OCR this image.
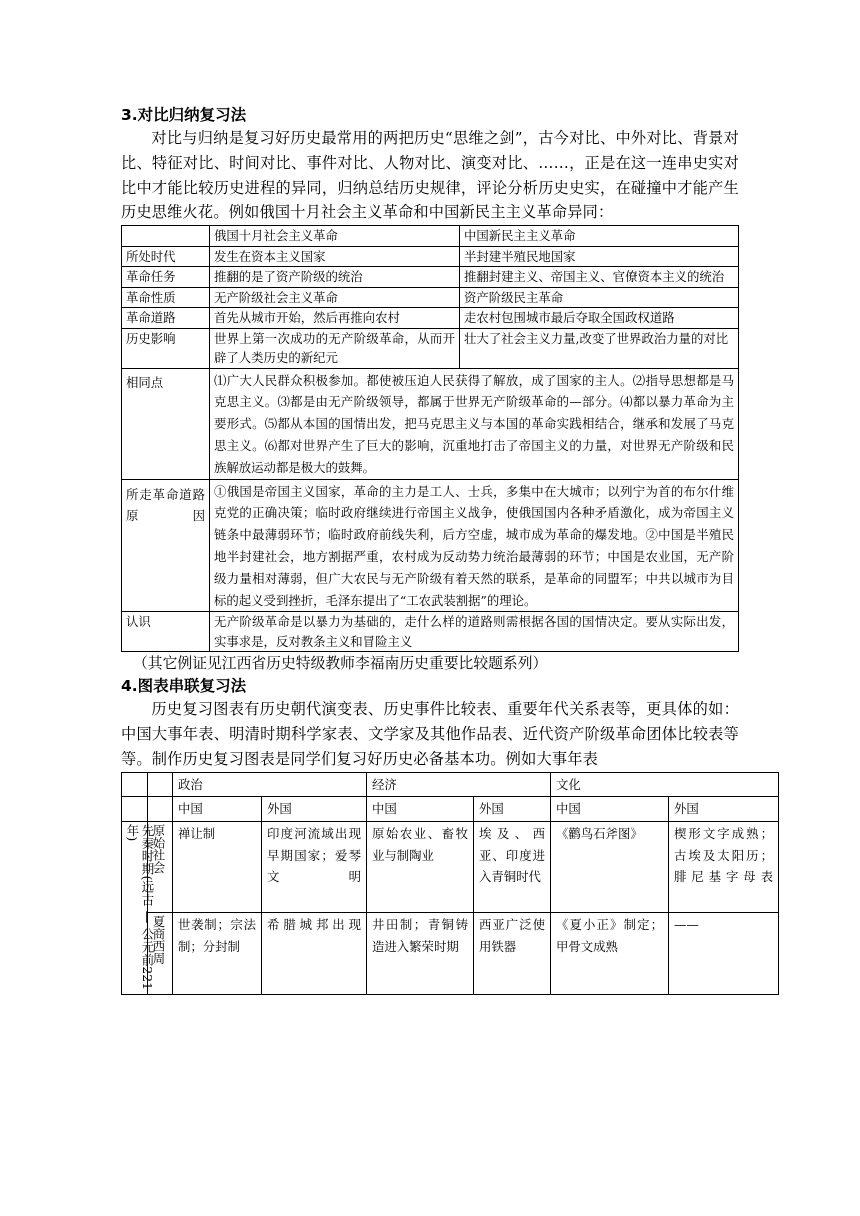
3.对比归纳复习法

对比与归纳是复习好历史最常用的两把历史“思维之剑”，古今对比、中外对比、背景对比、特征对比、时间对比、事件对比、人物对比、演变对比、……，正是在这一连串史实对比中才能比较历史进程的异同，归纳总结历史规律，评论分析历史史实，在碰撞中才能产生历史思维火花。例如俄国十月社会主义革命和中国新民主主义革命异同：

	俄国十月社会主义革命	中国新民主主义革命
所处时代	发生在资本主义国家	半封建半殖民地国家
革命任务	推翻的是了资产阶级的统治	推翻封建主义、帝国主义、官僚资本主义的统治
革命性质	无产阶级社会主义革命	资产阶级民主革命
革命道路	首先从城市开始，然后再推向农村	走农村包围城市最后夺取全国政权道路
历史影响	世界上第一次成功的无产阶级革命，从而开辟了人类历史的新纪元	壮大了社会主义力量,改变了世界政治力量的对比
相同点	⑴广大人民群众积极参加。都使被压迫人民获得了解放，成了国家的主人。⑵指导思想都是马克思主义。⑶都是由无产阶级领导，都属于世界无产阶级革命的—部分。⑷都以暴力革命为主要形式。⑸都从本国的国情出发，把马克思主义与本国的革命实践相结合，继承和发展了马克思主义。⑹都对世界产生了巨大的影响，沉重地打击了帝国主义的力量，对世界无产阶级和民族解放运动都是极大的鼓舞。	
所走革命道路原因	①俄国是帝国主义国家，革命的主力是工人、士兵，多集中在大城市；以列宁为首的布尔什维克党的正确决策；临时政府继续进行帝国主义战争，使俄国国内各种矛盾激化，成为帝国主义链条中最薄弱环节；临时政府前线失利，后方空虚，城市成为革命的爆发地。②中国是半殖民地半封建社会，地方割据严重，农村成为反动势力统治最薄弱的环节；中国是农业国，无产阶级力量相对薄弱，但广大农民与无产阶级有着天然的联系，是革命的同盟军；中共以城市为目标的起义受到挫折，毛泽东提出了“工农武装割据”的理论。	
认识	无产阶级革命是以暴力为基础的，走什么样的道路则需根据各国的国情决定。要从实际出发，实事求是，反对教条主义和冒险主义	
（其它例证见江西省历史特级教师李福南历史重要比较题系列）
4.图表串联复习法

历史复习图表有历史朝代演变表、历史事件比较表、重要年代关系表等，更具体的如：中国大事年表、明清时期科学家表、文学家及其他作品表、近代资产阶级革命团体比较表等等。制作历史复习图表是同学们复习好历史必备基本功。例如大事年表

		政治		经济		文化	
		中国	外国	中国	外国	中国	外国

先秦时期(远古 — 公元前221年)	原始社会	禅让制	印度河流域出现早期国家；爱琴文明	原始农业、畜牧业与制陶业	埃及、西亚、印度进入青铜时代	《鹳鸟石斧图》	楔形文字成熟；古埃及太阳历；腓尼基字母表
	夏商西周	世袭制；宗法制；分封制	希腊城邦出现	井田制；青铜铸造进入繁荣时期	西亚广泛使用铁器	《夏小正》制定；甲骨文成熟	——
